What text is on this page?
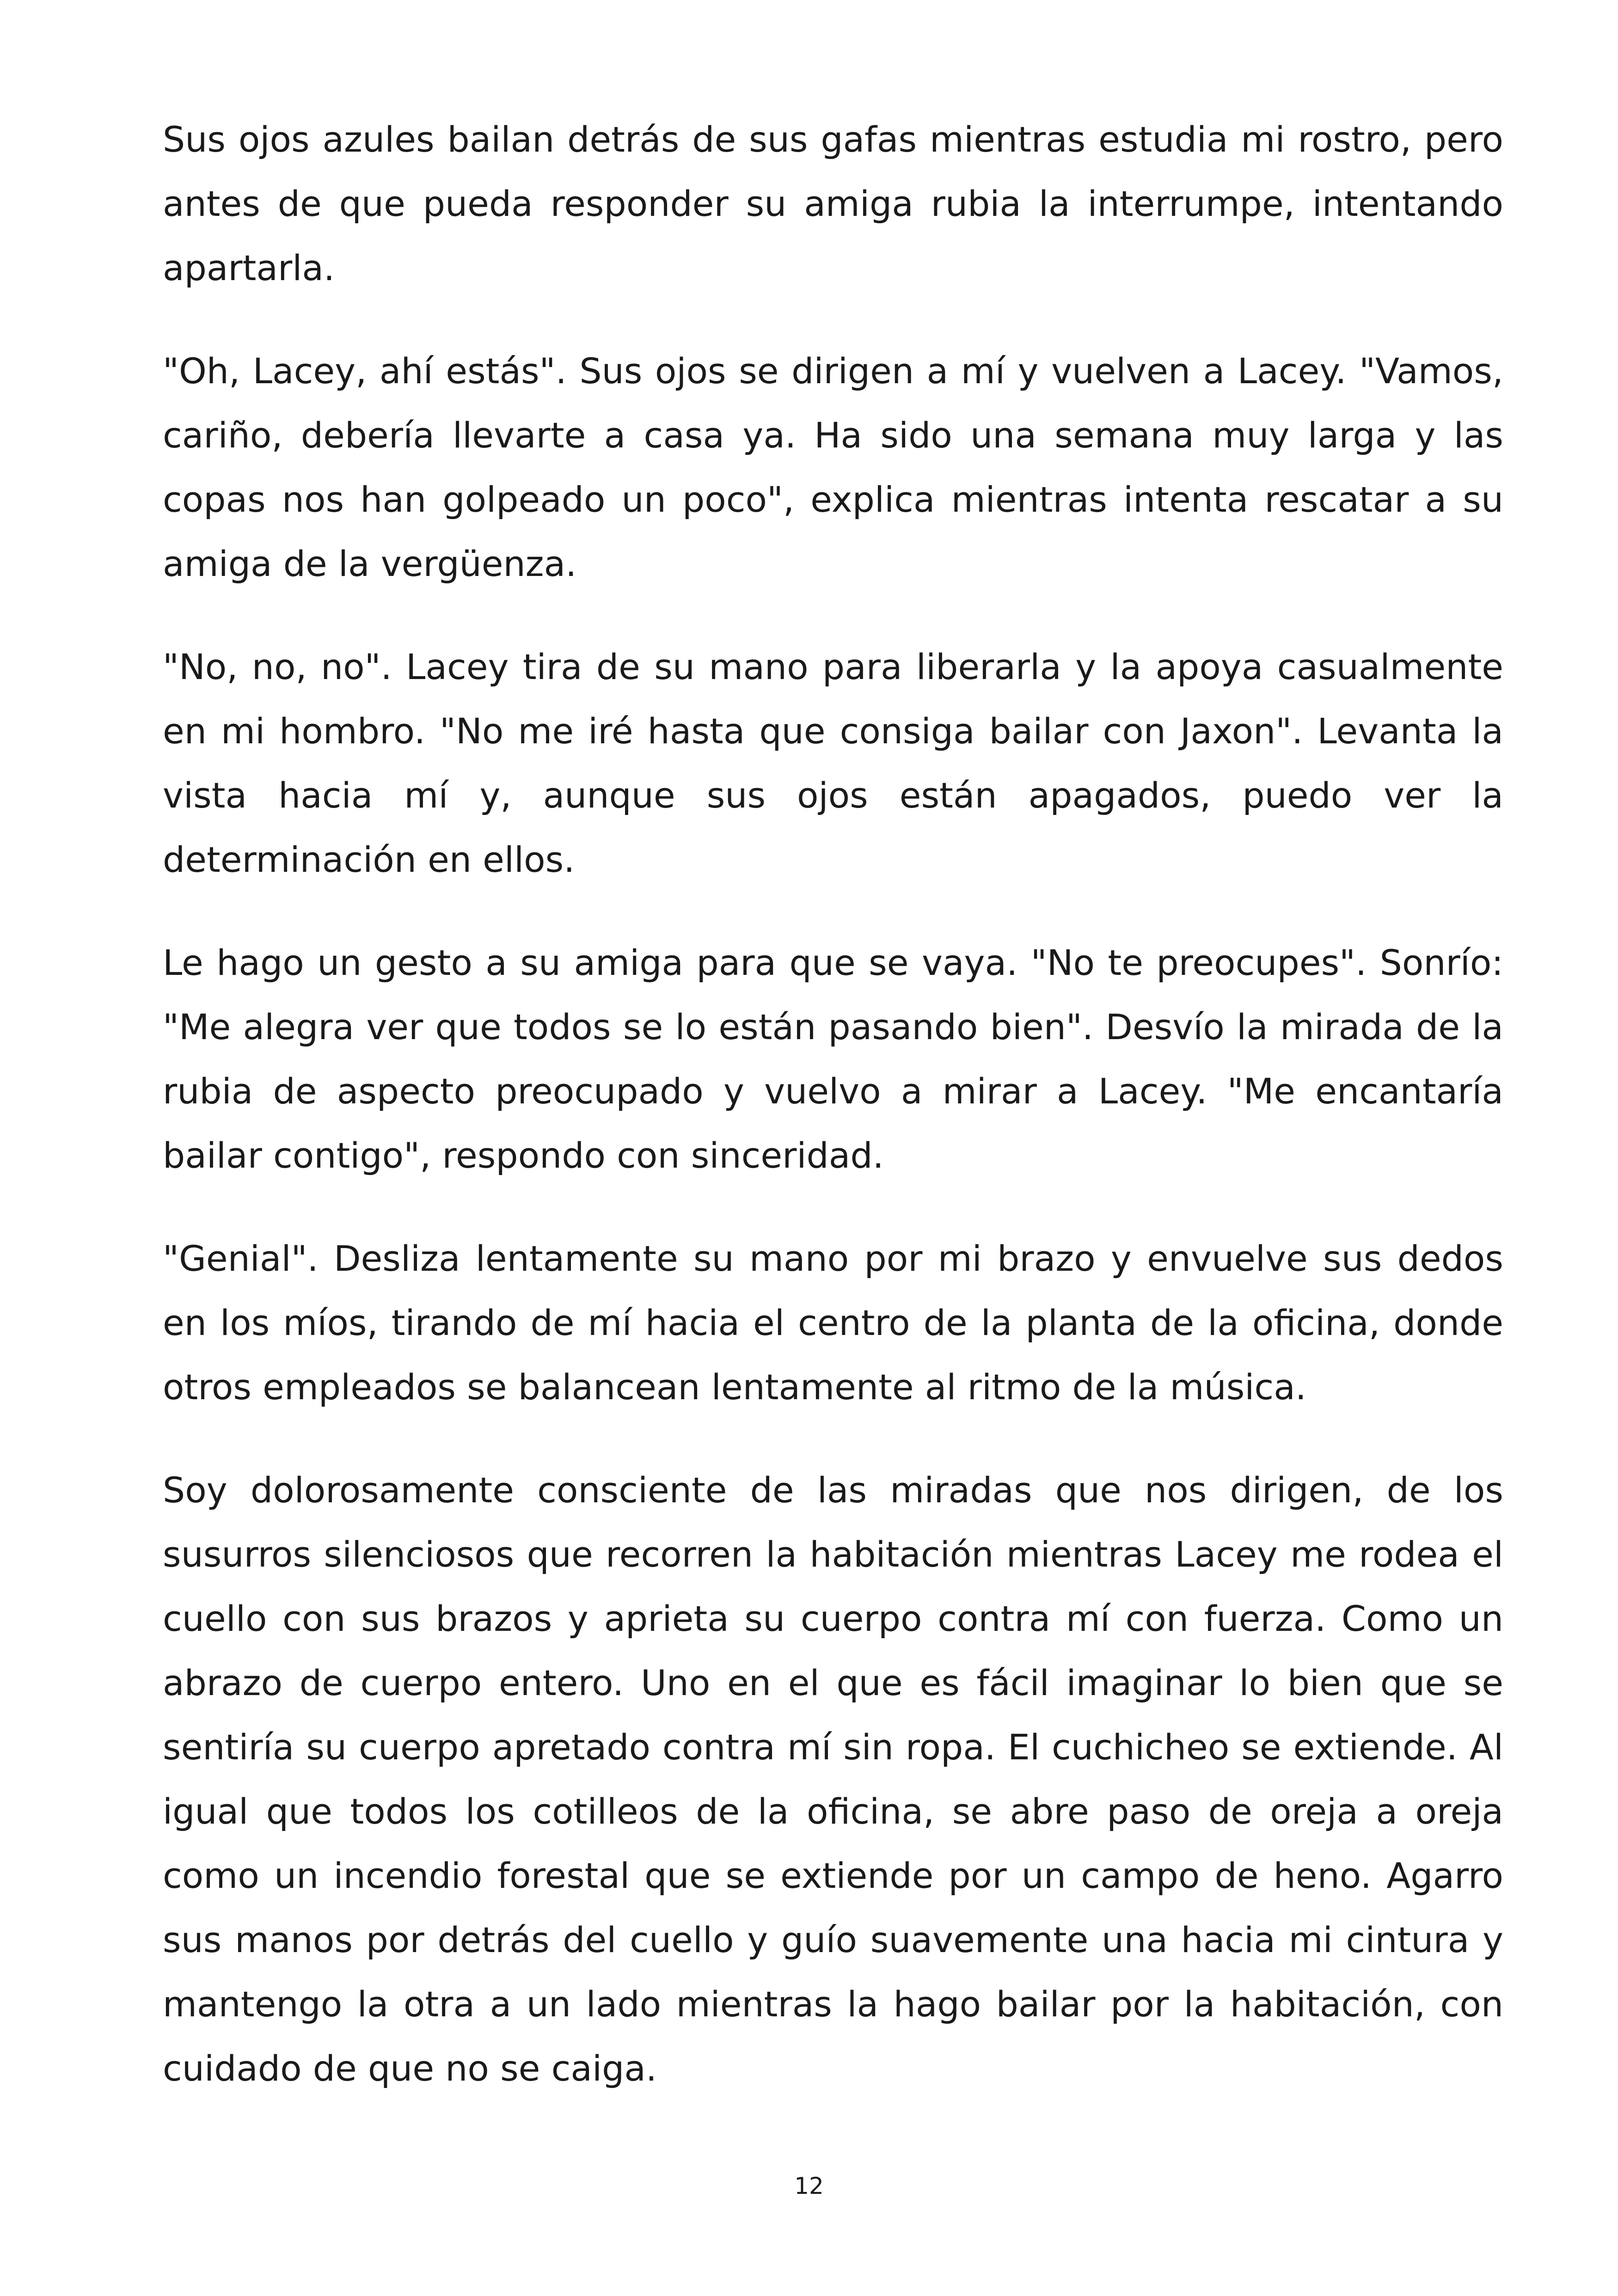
Sus ojos azules bailan detrás de sus gafas mientras estudia mi rostro, pero antes de que pueda responder su amiga rubia la interrumpe, intentando apartarla.

"Oh, Lacey, ahí estás". Sus ojos se dirigen a mí y vuelven a Lacey. "Vamos, cariño, debería llevarte a casa ya. Ha sido una semana muy larga y las copas nos han golpeado un poco", explica mientras intenta rescatar a su amiga de la vergüenza.

"No, no, no". Lacey tira de su mano para liberarla y la apoya casualmente en mi hombro. "No me iré hasta que consiga bailar con Jaxon". Levanta la vista hacia mí y, aunque sus ojos están apagados, puedo ver la determinación en ellos.

Le hago un gesto a su amiga para que se vaya. "No te preocupes". Sonrío: "Me alegra ver que todos se lo están pasando bien". Desvío la mirada de la rubia de aspecto preocupado y vuelvo a mirar a Lacey. "Me encantaría bailar contigo", respondo con sinceridad.

"Genial". Desliza lentamente su mano por mi brazo y envuelve sus dedos en los míos, tirando de mí hacia el centro de la planta de la oficina, donde otros empleados se balancean lentamente al ritmo de la música.

Soy dolorosamente consciente de las miradas que nos dirigen, de los susurros silenciosos que recorren la habitación mientras Lacey me rodea el cuello con sus brazos y aprieta su cuerpo contra mí con fuerza. Como un abrazo de cuerpo entero. Uno en el que es fácil imaginar lo bien que se sentiría su cuerpo apretado contra mí sin ropa. El cuchicheo se extiende. Al igual que todos los cotilleos de la oficina, se abre paso de oreja a oreja como un incendio forestal que se extiende por un campo de heno. Agarro sus manos por detrás del cuello y guío suavemente una hacia mi cintura y mantengo la otra a un lado mientras la hago bailar por la habitación, con cuidado de que no se caiga.

12
